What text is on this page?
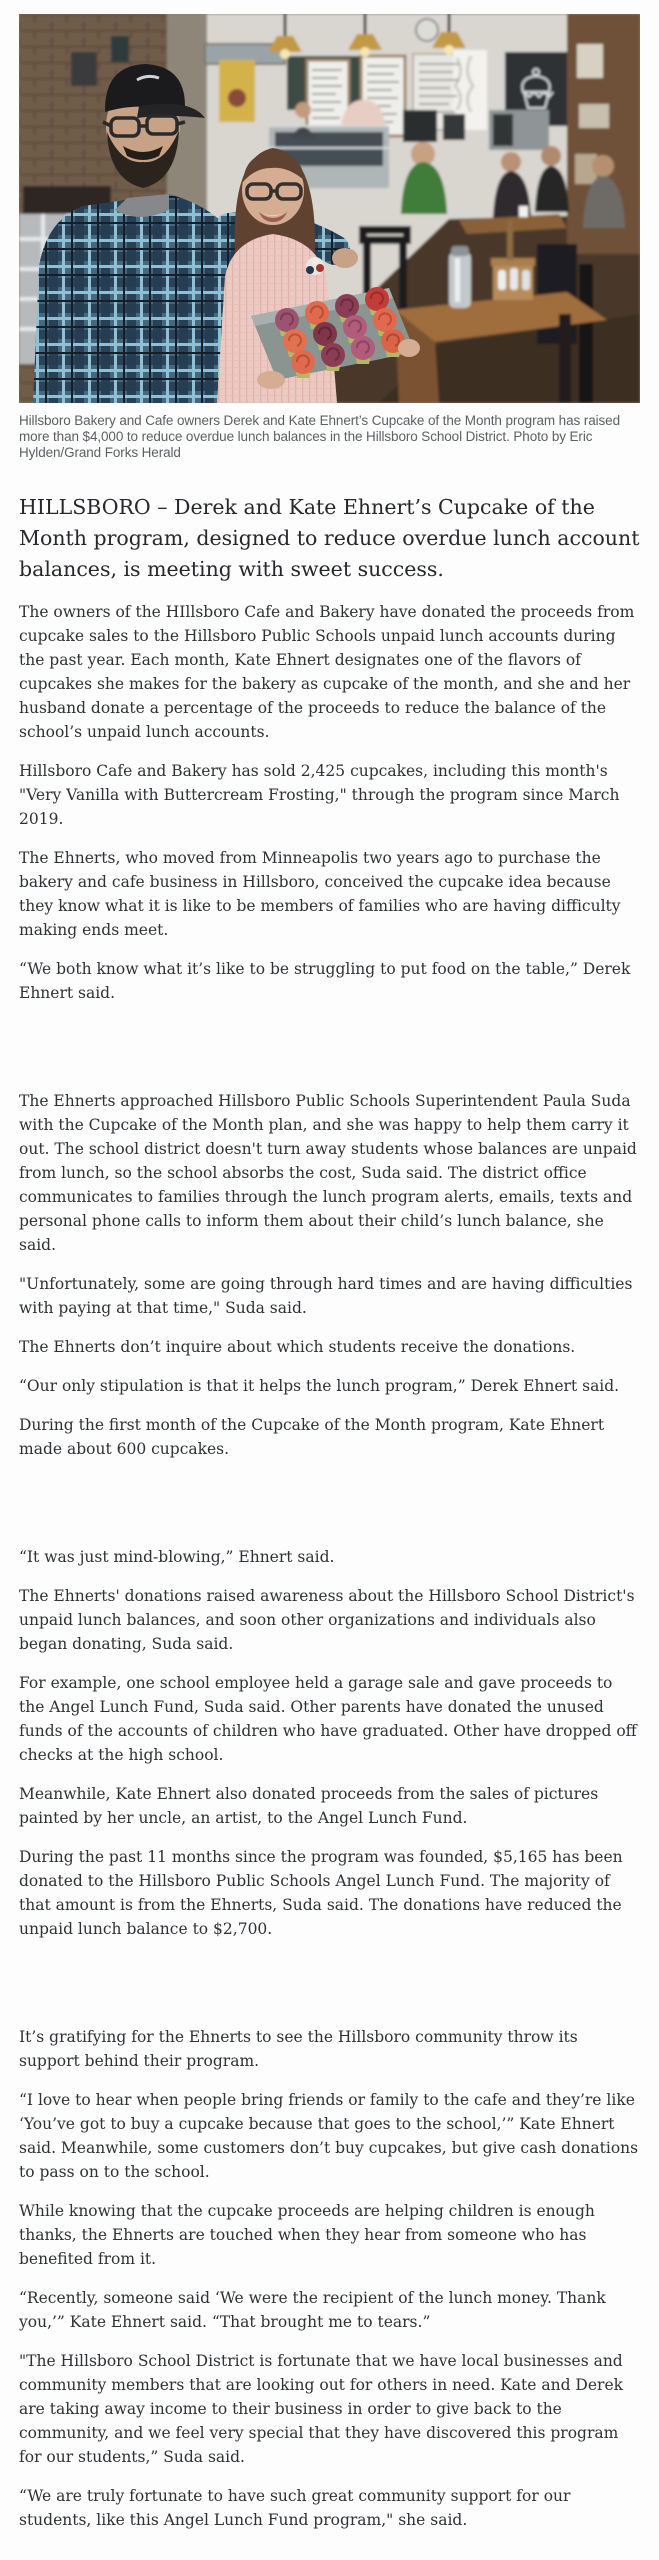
Hillsboro Bakery and Cafe owners Derek and Kate Ehnert’s Cupcake of the Month program has raised more than $4,000 to reduce overdue lunch balances in the Hillsboro School District. Photo by Eric Hylden/Grand Forks Herald

HILLSBORO – Derek and Kate Ehnert’s Cupcake of the Month program, designed to reduce overdue lunch account balances, is meeting with sweet success.

The owners of the HIllsboro Cafe and Bakery have donated the proceeds from cupcake sales to the Hillsboro Public Schools unpaid lunch accounts during the past year. Each month, Kate Ehnert designates one of the flavors of cupcakes she makes for the bakery as cupcake of the month, and she and her husband donate a percentage of the proceeds to reduce the balance of the school’s unpaid lunch accounts.

Hillsboro Cafe and Bakery has sold 2,425 cupcakes, including this month's "Very Vanilla with Buttercream Frosting," through the program since March 2019.

The Ehnerts, who moved from Minneapolis two years ago to purchase the bakery and cafe business in Hillsboro, conceived the cupcake idea because they know what it is like to be members of families who are having difficulty making ends meet.

“We both know what it’s like to be struggling to put food on the table,” Derek Ehnert said.

The Ehnerts approached Hillsboro Public Schools Superintendent Paula Suda with the Cupcake of the Month plan, and she was happy to help them carry it out. The school district doesn't turn away students whose balances are unpaid from lunch, so the school absorbs the cost, Suda said. The district office communicates to families through the lunch program alerts, emails, texts and personal phone calls to inform them about their child’s lunch balance, she said.

"Unfortunately, some are going through hard times and are having difficulties with paying at that time," Suda said.

The Ehnerts don’t inquire about which students receive the donations.

“Our only stipulation is that it helps the lunch program,” Derek Ehnert said.

During the first month of the Cupcake of the Month program, Kate Ehnert made about 600 cupcakes.

“It was just mind-blowing,” Ehnert said.

The Ehnerts' donations raised awareness about the Hillsboro School District's unpaid lunch balances, and soon other organizations and individuals also began donating, Suda said.

For example, one school employee held a garage sale and gave proceeds to the Angel Lunch Fund, Suda said. Other parents have donated the unused funds of the accounts of children who have graduated. Other have dropped off checks at the high school.

Meanwhile, Kate Ehnert also donated proceeds from the sales of pictures painted by her uncle, an artist, to the Angel Lunch Fund.

During the past 11 months since the program was founded, $5,165 has been donated to the Hillsboro Public Schools Angel Lunch Fund. The majority of that amount is from the Ehnerts, Suda said. The donations have reduced the unpaid lunch balance to $2,700.

It’s gratifying for the Ehnerts to see the Hillsboro community throw its support behind their program.

“I love to hear when people bring friends or family to the cafe and they’re like ‘You’ve got to buy a cupcake because that goes to the school,’” Kate Ehnert said. Meanwhile, some customers don’t buy cupcakes, but give cash donations to pass on to the school.

While knowing that the cupcake proceeds are helping children is enough thanks, the Ehnerts are touched when they hear from someone who has benefited from it.

“Recently, someone said ‘We were the recipient of the lunch money. Thank you,’” Kate Ehnert said. “That brought me to tears.”

"The Hillsboro School District is fortunate that we have local businesses and community members that are looking out for others in need. Kate and Derek are taking away income to their business in order to give back to the community, and we feel very special that they have discovered this program for our students,” Suda said.

“We are truly fortunate to have such great community support for our students, like this Angel Lunch Fund program," she said.
